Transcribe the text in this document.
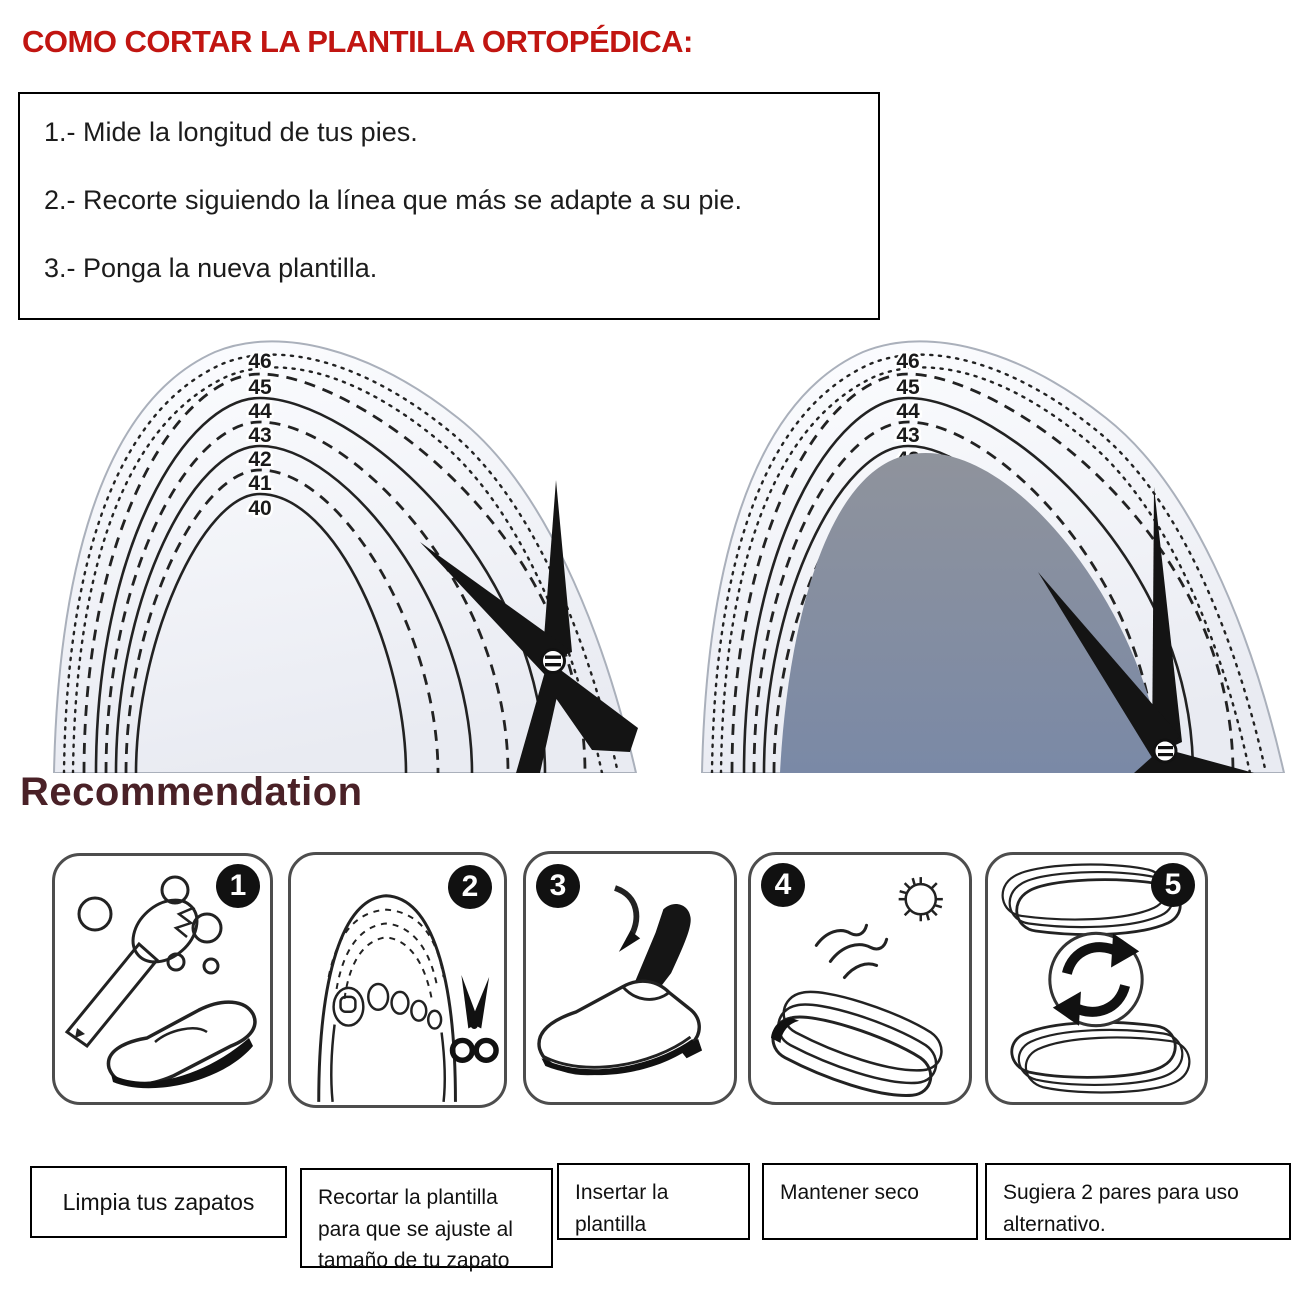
COMO CORTAR LA PLANTILLA ORTOPÉDICA:

1.- Mide la longitud de tus pies.

2.- Recorte siguiendo la línea que más se adapte a su pie.

3.- Ponga la nueva plantilla.

46
45
44
43
42
41
40
46
45
44
43
Recommendation
1	2	3	4	5
Limpia tus zapatos	Recortar la plantilla para que se ajuste al tamaño de tu zapato
Insertar la plantilla
Mantener seco	Sugiera 2 pares para uso alternativo.
